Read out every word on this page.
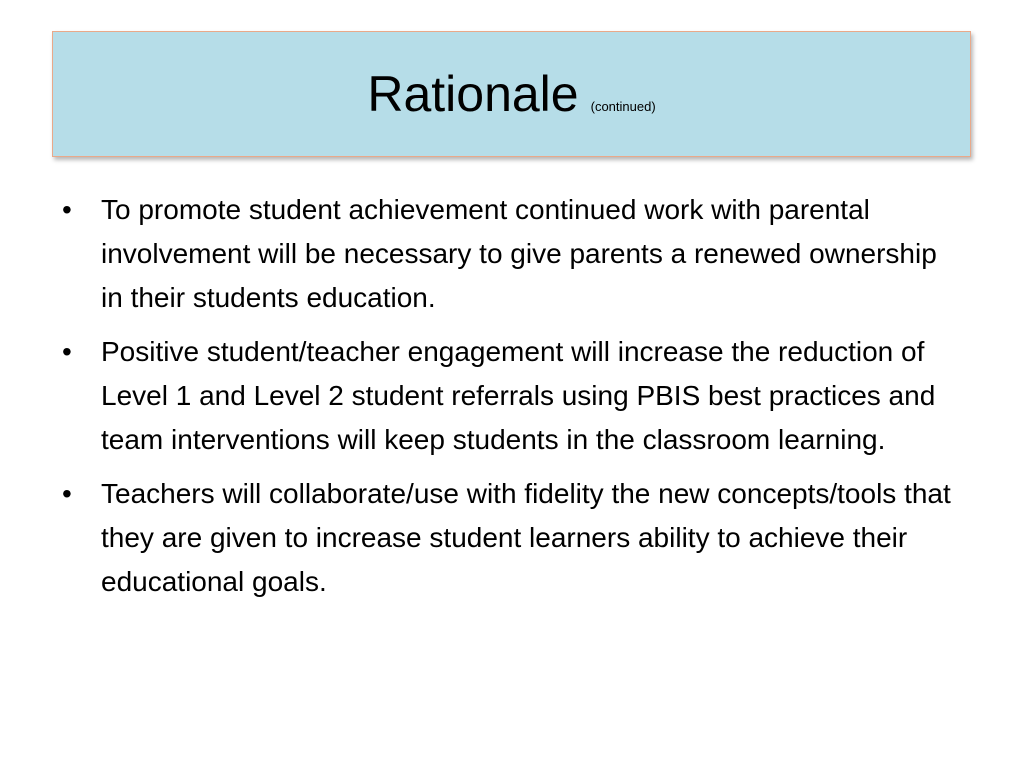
Rationale (continued)
• To promote student achievement continued work with parental involvement will be necessary to give parents a renewed ownership in their students education.
• Positive student/teacher engagement will increase the reduction of Level 1 and Level 2 student referrals using PBIS best practices and team interventions will keep students in the classroom learning.
• Teachers will collaborate/use with fidelity the new concepts/tools that they are given to increase student learners ability to achieve their educational goals.
